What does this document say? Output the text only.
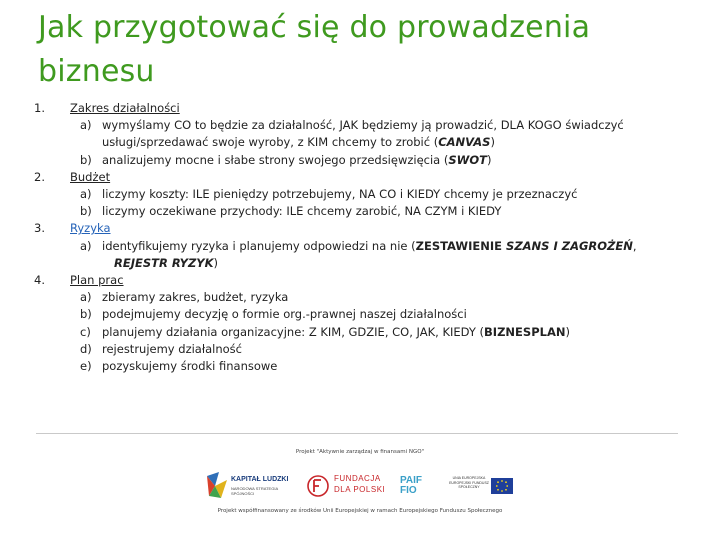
Jak przygotować się do prowadzenia biznesu
1.	Zakres działalności
a) wymyślamy CO to będzie za działalność, JAK będziemy ją prowadzić, DLA KOGO świadczyć usługi/sprzedawać swoje wyroby, z KIM chcemy to zrobić (CANVAS)
b) analizujemy mocne i słabe strony swojego przedsięwzięcia (SWOT)
2.	Budżet
a) liczymy koszty: ILE pieniędzy potrzebujemy, NA CO i KIEDY chcemy je przeznaczyć
b) liczymy oczekiwane przychody: ILE chcemy zarobić, NA CZYM i KIEDY
3.	Ryzyka
a) identyfikujemy ryzyka i planujemy odpowiedzi na nie (ZESTAWIENIE SZANS I ZAGROŻEŃ,
REJESTR RYZYK)
4.	Plan prac
a) zbieramy zakres, budżet, ryzyka
b) podejmujemy decyzję o formie org.-prawnej naszej działalności
c) planujemy działania organizacyjne: Z KIM, GDZIE, CO, JAK, KIEDY (BIZNESPLAN)
d) rejestrujemy działalność
e) pozyskujemy środki finansowe
Projekt "Aktywnie zarządzaj w finansami NGO"
KAPITAŁ LUDZKI
NARODOWA STRATEGIA SPÓJNOŚCI
FUNDACJA
DLA POLSKI
PAIF
FIO
UNIA EUROPEJSKA EUROPEJSKI FUNDUSZ SPOŁECZNY
Projekt współfinansowany ze środków Unii Europejskiej w ramach Europejskiego Funduszu Społecznego
